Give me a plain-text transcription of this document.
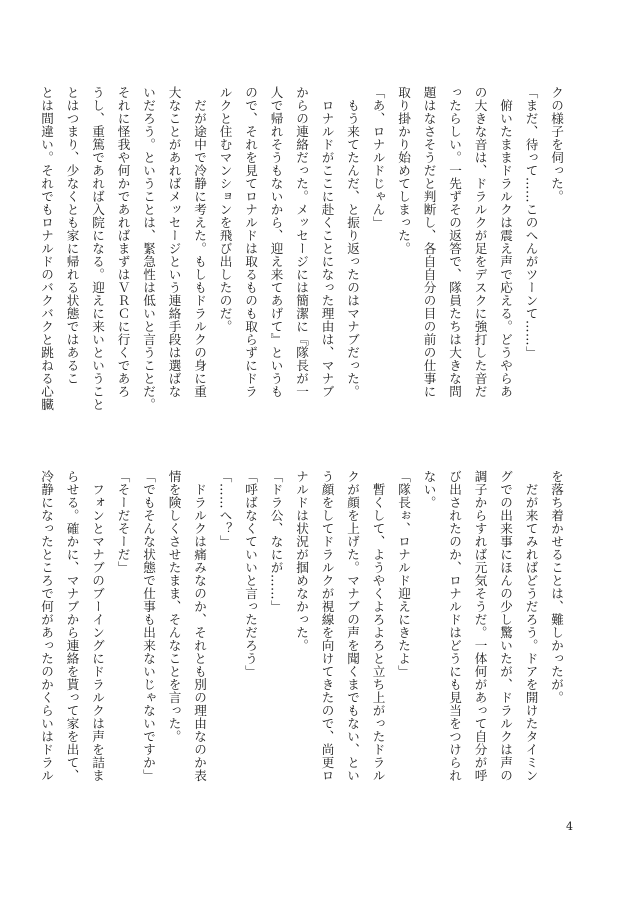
クの様子を伺った。

「まだ、待って……このへんがツーンて……」

　俯いたままドラルクは震え声で応える。どうやらあ

の大きな音は、ドラルクが足をデスクに強打した音だ

ったらしい。一先ずその返答で、隊員たちは大きな問

題はなさそうだと判断し、各自自分の目の前の仕事に

取り掛かり始めてしまった。

「あ、ロナルドじゃん」

　もう来てたんだ、と振り返ったのはマナブだった。

　ロナルドがここに赴くことになった理由は、マナブ

からの連絡だった。メッセージには簡潔に『隊長が一

人で帰れそうもないから、迎え来てあげて』というも

ので、それを見てロナルドは取るものも取らずにドラ

ルクと住むマンションを飛び出したのだ。

　だが途中で冷静に考えた。もしもドラルクの身に重

大なことがあればメッセージという連絡手段は選ばな

いだろう。ということは、緊急性は低いと言うことだ。

それに怪我や何かであればまずはＶＲＣに行くであろ

うし、重篤であれば入院になる。迎えに来いということ

とはつまり、少なくとも家に帰れる状態ではあるこ

とは間違い。それでもロナルドのバクバクと跳ねる心臓

を落ち着かせることは、難しかったが。

　だが来てみればどうだろう。ドアを開けたタイミン

グでの出来事にほんの少し驚いたが、ドラルクは声の

調子からすれば元気そうだ。一体何があって自分が呼

び出されたのか、ロナルドはどうにも見当をつけられ

ない。

「隊長ぉ、ロナルド迎えにきたよ」

　暫くして、ようやくよろよろと立ち上がったドラル

クが顔を上げた。マナブの声を聞くまでもない、とい

う顔をしてドラルクが視線を向けてきたので、尚更ロ

ナルドは状況が掴めなかった。

「ドラ公、なにが……」

「呼ばなくていいと言っただろう」

「……へ？」

　ドラルクは痛みなのか、それとも別の理由なのか表

情を険しくさせたまま、そんなことを言った。

「でもそんな状態で仕事も出来ないじゃないですか」

「そーだそーだ」

　フォンとマナブのブーイングにドラルクは声を詰ま

らせる。確かに、マナブから連絡を貰って家を出て、

冷静になったところで何があったのかくらいはドラル

4
